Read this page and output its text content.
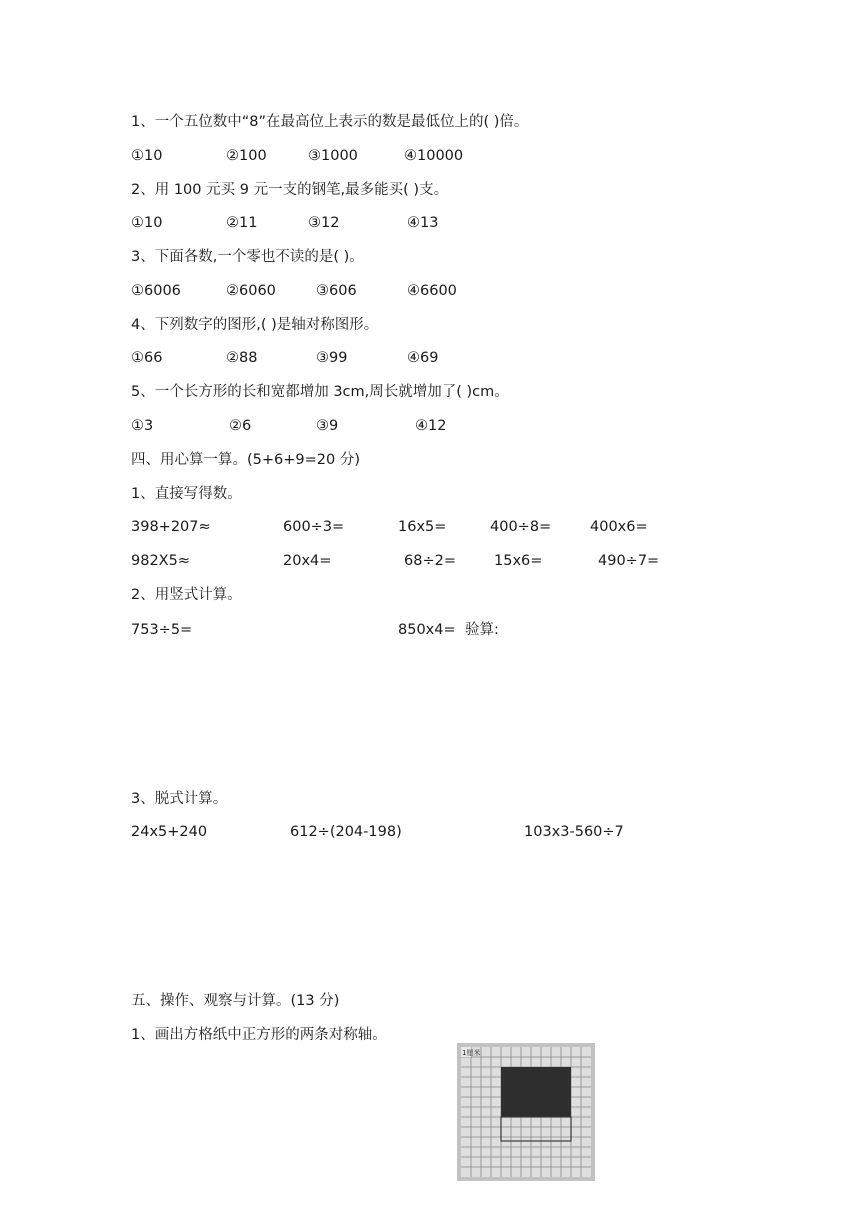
1、一个五位数中“8”在最高位上表示的数是最低位上的( )倍。
①10	②100	③1000	④10000
2、用 100 元买 9 元一支的钢笔,最多能买( )支。
①10	②11	③12	④13
3、下面各数,一个零也不读的是( )。
①6006	②6060	③606	④6600
4、下列数字的图形,( )是轴对称图形。
①66	②88	③99	④69
5、一个长方形的长和宽都增加 3cm,周长就增加了( )cm。
①3	②6	③9	④12
四、用心算一算。(5+6+9=20 分)
1、直接写得数。
398+207≈	600÷3=	16x5=	400÷8=	400x6=
982X5≈	20x4=	68÷2=	15x6=	490÷7=
2、用竖式计算。
753÷5=	850x4= 验算:
3、脱式计算。
24x5+240	612÷(204-198)	103x3-560÷7
五、操作、观察与计算。(13 分)
1、画出方格纸中正方形的两条对称轴。
1厘米
